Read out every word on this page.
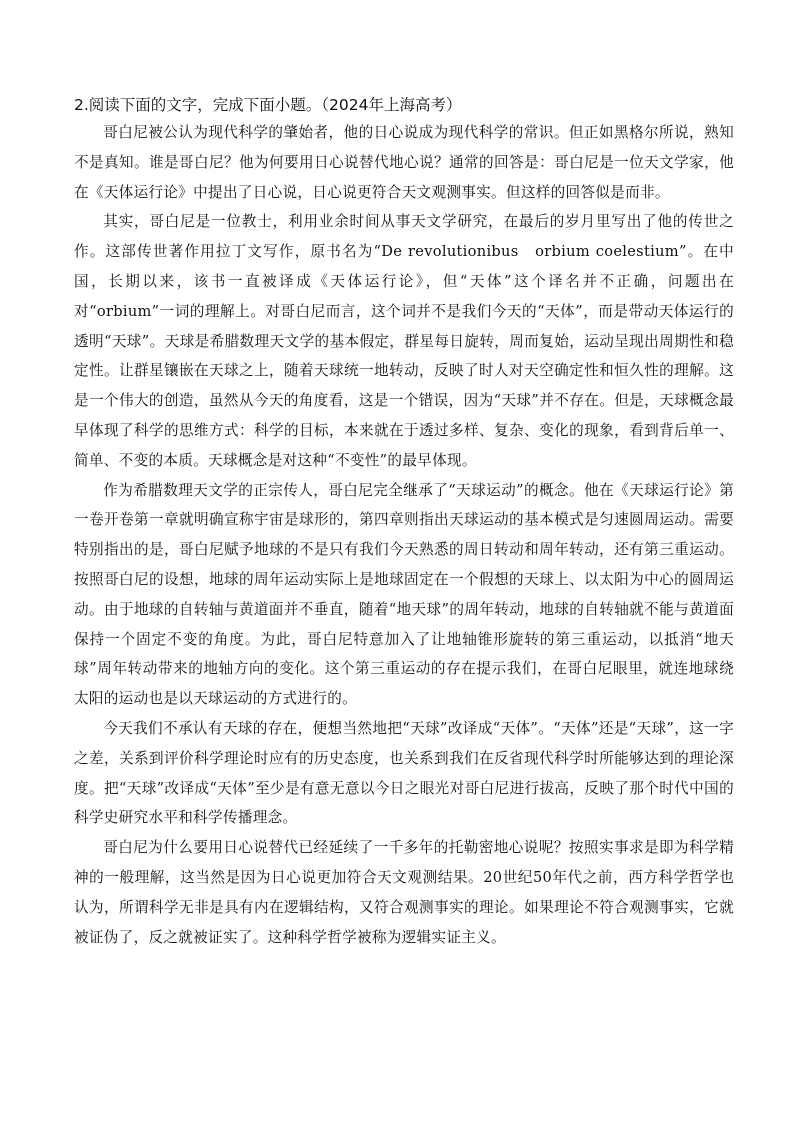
2.阅读下面的文字，完成下面小题。（2024年上海高考）

哥白尼被公认为现代科学的肇始者，他的日心说成为现代科学的常识。但正如黑格尔所说，熟知不是真知。谁是哥白尼？他为何要用日心说替代地心说？通常的回答是：哥白尼是一位天文学家，他在《天体运行论》中提出了日心说，日心说更符合天文观测事实。但这样的回答似是而非。

其实，哥白尼是一位教士，利用业余时间从事天文学研究，在最后的岁月里写出了他的传世之作。这部传世著作用拉丁文写作，原书名为“De revolutionibus　orbium coelestium”。在中国，长期以来，该书一直被译成《天体运行论》，但“天体”这个译名并不正确，问题出在对“orbium”一词的理解上。对哥白尼而言，这个词并不是我们今天的“天体”，而是带动天体运行的透明“天球”。天球是希腊数理天文学的基本假定，群星每日旋转，周而复始，运动呈现出周期性和稳定性。让群星镶嵌在天球之上，随着天球统一地转动，反映了时人对天空确定性和恒久性的理解。这是一个伟大的创造，虽然从今天的角度看，这是一个错误，因为“天球”并不存在。但是，天球概念最早体现了科学的思维方式：科学的目标，本来就在于透过多样、复杂、变化的现象，看到背后单一、简单、不变的本质。天球概念是对这种“不变性”的最早体现。

作为希腊数理天文学的正宗传人，哥白尼完全继承了“天球运动”的概念。他在《天球运行论》第一卷开卷第一章就明确宣称宇宙是球形的，第四章则指出天球运动的基本模式是匀速圆周运动。需要特别指出的是，哥白尼赋予地球的不是只有我们今天熟悉的周日转动和周年转动，还有第三重运动。按照哥白尼的设想，地球的周年运动实际上是地球固定在一个假想的天球上、以太阳为中心的圆周运动。由于地球的自转轴与黄道面并不垂直，随着“地天球”的周年转动，地球的自转轴就不能与黄道面保持一个固定不变的角度。为此，哥白尼特意加入了让地轴锥形旋转的第三重运动，以抵消“地天球”周年转动带来的地轴方向的变化。这个第三重运动的存在提示我们，在哥白尼眼里，就连地球绕太阳的运动也是以天球运动的方式进行的。

今天我们不承认有天球的存在，便想当然地把“天球”改译成“天体”。“天体”还是“天球”，这一字之差，关系到评价科学理论时应有的历史态度，也关系到我们在反省现代科学时所能够达到的理论深度。把“天球”改译成“天体”至少是有意无意以今日之眼光对哥白尼进行拔高，反映了那个时代中国的科学史研究水平和科学传播理念。

哥白尼为什么要用日心说替代已经延续了一千多年的托勒密地心说呢？按照实事求是即为科学精神的一般理解，这当然是因为日心说更加符合天文观测结果。20世纪50年代之前，西方科学哲学也认为，所谓科学无非是具有内在逻辑结构，又符合观测事实的理论。如果理论不符合观测事实，它就被证伪了，反之就被证实了。这种科学哲学被称为逻辑实证主义。
